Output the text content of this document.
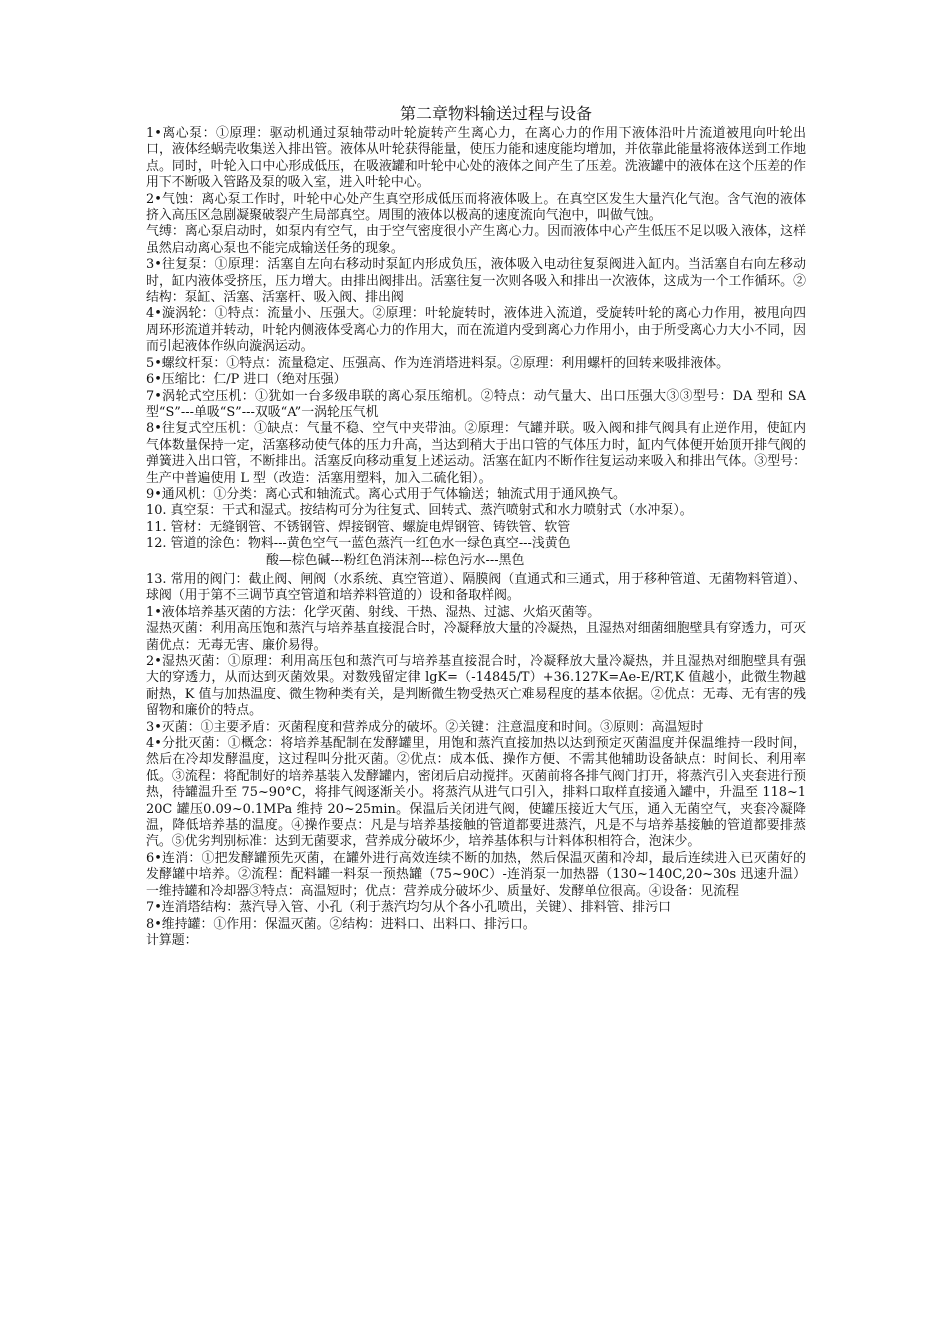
第二章物料输送过程与设备

1•离心泵：①原理：驱动机通过泵轴带动叶轮旋转产生离心力，在离心力的作用下液体沿叶片流道被甩向叶轮出口，液体经蜗壳收集送入排出管。液体从叶轮获得能量，使压力能和速度能均增加，并依靠此能量将液体送到工作地点。同时，叶轮入口中心形成低压，在吸液罐和叶轮中心处的液体之间产生了压差。洗液罐中的液体在这个压差的作用下不断吸入管路及泵的吸入室，进入叶轮中心。

2•气蚀：离心泵工作时，叶轮中心处产生真空形成低压而将液体吸上。在真空区发生大量汽化气泡。含气泡的液体挤入高压区急剧凝聚破裂产生局部真空。周围的液体以极高的速度流向气泡中，叫做气蚀。

气缚：离心泵启动时，如泵内有空气，由于空气密度很小产生离心力。因而液体中心产生低压不足以吸入液体，这样虽然启动离心泵也不能完成输送任务的现象。

3•往复泵：①原理：活塞自左向右移动时泵缸内形成负压，液体吸入电动往复泵阀进入缸内。当活塞自右向左移动时，缸内液体受挤压，压力增大。由排出阀排出。活塞往复一次则各吸入和排出一次液体，这成为一个工作循环。②结构：泵缸、活塞、活塞杆、吸入阀、排出阀

4•漩涡轮：①特点：流量小、压强大。②原理：叶轮旋转时，液体进入流道，受旋转叶轮的离心力作用，被甩向四周环形流道并转动，叶轮内侧液体受离心力的作用大，而在流道内受到离心力作用小，由于所受离心力大小不同，因而引起液体作纵向漩涡运动。

5•螺纹杆泵：①特点：流量稳定、压强高、作为连消塔进料泵。②原理：利用螺杆的回转来吸排液体。

6•压缩比：仁/P 进口（绝对压强）

7•涡轮式空压机：①犹如一台多级串联的离心泵压缩机。②特点：动气量大、出口压强大③③型号：DA 型和 SA 型“S”---单吸“S”---双吸“A”一涡轮压气机

8•往复式空压机：①缺点：气量不稳、空气中夹带油。②原理：气罐并联。吸入阀和排气阀具有止逆作用，使缸内气体数量保持一定，活塞移动使气体的压力升高，当达到稍大于出口管的气体压力时，缸内气体便开始顶开排气阀的弹簧进入出口管，不断排出。活塞反向移动重复上述运动。活塞在缸内不断作往复运动来吸入和排出气体。③型号：生产中普遍使用 L 型（改造：活塞用塑料，加入二硫化钼）。

9•通风机：①分类：离心式和轴流式。离心式用于气体输送；轴流式用于通风换气。

10. 真空泵：干式和湿式。按结构可分为往复式、回转式、蒸汽喷射式和水力喷射式（水冲泵）。

11. 管材：无缝钢管、不锈钢管、焊接钢管、螺旋电焊钢管、铸铁管、软管

12. 管道的涂色：物料---黄色空气一蓝色蒸汽一红色水一绿色真空---浅黄色

酸—棕色碱---粉红色消沫剂---棕色污水---黑色

13. 常用的阀门：截止阀、闸阀（水系统、真空管道）、隔膜阀（直通式和三通式，用于移种管道、无菌物料管道）、球阀（用于第不三调节真空管道和培养料管道的）设和备取样阀。

1•液体培养基灭菌的方法：化学灭菌、射线、干热、湿热、过滤、火焰灭菌等。

湿热灭菌：利用高压饱和蒸汽与培养基直接混合时，冷凝释放大量的冷凝热，且湿热对细菌细胞壁具有穿透力，可灭菌优点：无毒无害、廉价易得。

2•湿热灭菌：①原理：利用高压包和蒸汽可与培养基直接混合时，冷凝释放大量冷凝热，并且湿热对细胞壁具有强大的穿透力，从而达到灭菌效果。对数残留定律 lgK=（-14845/T）+36.127K=Ae-E/RT,K 值越小，此微生物越耐热，K 值与加热温度、微生物种类有关，是判断微生物受热灭亡难易程度的基本依据。②优点：无毒、无有害的残留物和廉价的特点。

3•灭菌：①主要矛盾：灭菌程度和营养成分的破坏。②关键：注意温度和时间。③原则：高温短时

4•分批灭菌：①概念：将培养基配制在发酵罐里，用饱和蒸汽直接加热以达到预定灭菌温度并保温维持一段时间，然后在冷却发酵温度，这过程叫分批灭菌。②优点：成本低、操作方便、不需其他辅助设备缺点：时间长、利用率低。③流程：将配制好的培养基装入发酵罐内，密闭后启动搅拌。灭菌前将各排气阀门打开，将蒸汽引入夹套进行预热，待罐温升至 75~90°C，将排气阀逐渐关小。将蒸汽从进气口引入，排料口取样直接通入罐中，升温至 118~120C 罐压0.09~0.1MPa 维持 20~25min。保温后关闭进气阀，使罐压接近大气压，通入无菌空气，夹套冷凝降温，降低培养基的温度。④操作要点：凡是与培养基接触的管道都要进蒸汽，凡是不与培养基接触的管道都要排蒸汽。⑤优劣判别标准：达到无菌要求，营养成分破坏少，培养基体积与计料体积相符合，泡沫少。

6•连消：①把发酵罐预先灭菌，在罐外进行高效连续不断的加热，然后保温灭菌和冷却，最后连续进入已灭菌好的发酵罐中培养。②流程：配料罐一料泵一预热罐（75~90C）-连消泵一加热器（130~140C,20~30s 迅速升温）一维持罐和冷却器③特点：高温短时；优点：营养成分破坏少、质量好、发酵单位很高。④设备：见流程

7•连消塔结构：蒸汽导入管、小孔（利于蒸汽均匀从个各小孔喷出，关键）、排料管、排污口

8•维持罐：①作用：保温灭菌。②结构：进料口、出料口、排污口。

计算题：
